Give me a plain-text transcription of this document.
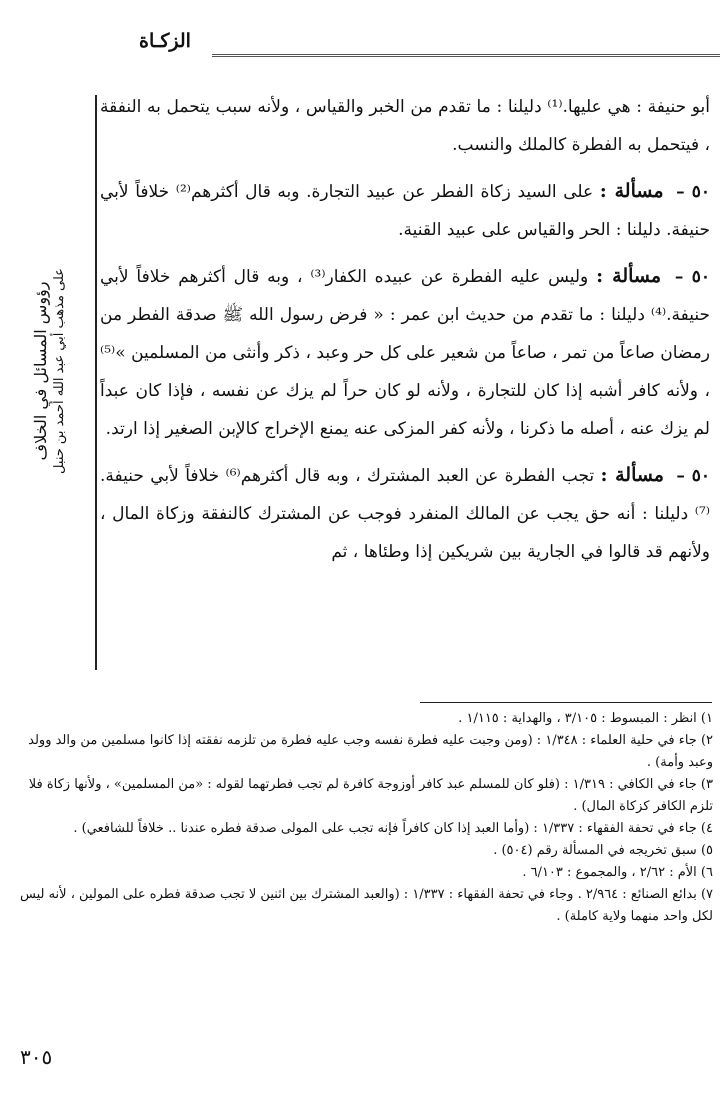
الزكـاة
رؤوس المسائل في الخلاف على مذهب أبي عبد الله أحمد بن حنبل

أبو حنيفة : هي عليها.⁽¹⁾ دليلنا : ما تقدم من الخبر والقياس ، ولأنه سبب يتحمل به النفقة ، فيتحمل به الفطرة كالملك والنسب.

٥٠ – مسألة : على السيد زكاة الفطر عن عبيد التجارة. وبه قال أكثرهم⁽²⁾ خلافاً لأبي حنيفة. دليلنا : الحر والقياس على عبيد القنية.

٥٠ – مسألة : وليس عليه الفطرة عن عبيده الكفار⁽³⁾ ، وبه قال أكثرهم خلافاً لأبي حنيفة.⁽⁴⁾ دليلنا : ما تقدم من حديث ابن عمر : « فرض رسول الله ﷺ صدقة الفطر من رمضان صاعاً من تمر ، صاعاً من شعير على كل حر وعبد ، ذكر وأنثى من المسلمين »⁽⁵⁾ ، ولأنه كافر أشبه إذا كان للتجارة ، ولأنه لو كان حراً لم يزك عن نفسه ، فإذا كان عبداً لم يزك عنه ، أصله ما ذكرنا ، ولأنه كفر المزكى عنه يمنع الإخراج كالإبن الصغير إذا ارتد.

٥٠ – مسألة : تجب الفطرة عن العبد المشترك ، وبه قال أكثرهم⁽⁶⁾ خلافاً لأبي حنيفة.⁽⁷⁾ دليلنا : أنه حق يجب عن المالك المنفرد فوجب عن المشترك كالنفقة وزكاة المال ، ولأنهم قد قالوا في الجارية بين شريكين إذا وطئاها ، ثم

١) انظر : المبسوط : ٣/١٠٥ ، والهداية : ١/١١٥ .

٢) جاء في حلية العلماء : ١/٣٤٨ : (ومن وجبت عليه فطرة نفسه وجب عليه فطرة من تلزمه نفقته إذا كانوا مسلمين من والد وولد وعبد وأمة) .

٣) جاء في الكافي : ١/٣١٩ : (فلو كان للمسلم عبد كافر أوزوجة كافرة لم تجب فطرتهما لقوله : «من المسلمين» ، ولأنها زكاة فلا تلزم الكافر كزكاة المال) .

٤) جاء في تحفة الفقهاء : ١/٣٣٧ : (وأما العبد إذا كان كافراً فإنه تجب على المولى صدقة فطره عندنا .. خلافاً للشافعي) .

٥) سبق تخريجه في المسألة رقم (٥٠٤) .

٦) الأم : ٢/٦٢ ، والمجموع : ٦/١٠٣ .

٧) بدائع الصنائع : ٢/٩٦٤ . وجاء في تحفة الفقهاء : ١/٣٣٧ : (والعبد المشترك بين اثنين لا تجب صدقة فطره على المولين ، لأنه ليس لكل واحد منهما ولاية كاملة) .

٣٠٥
